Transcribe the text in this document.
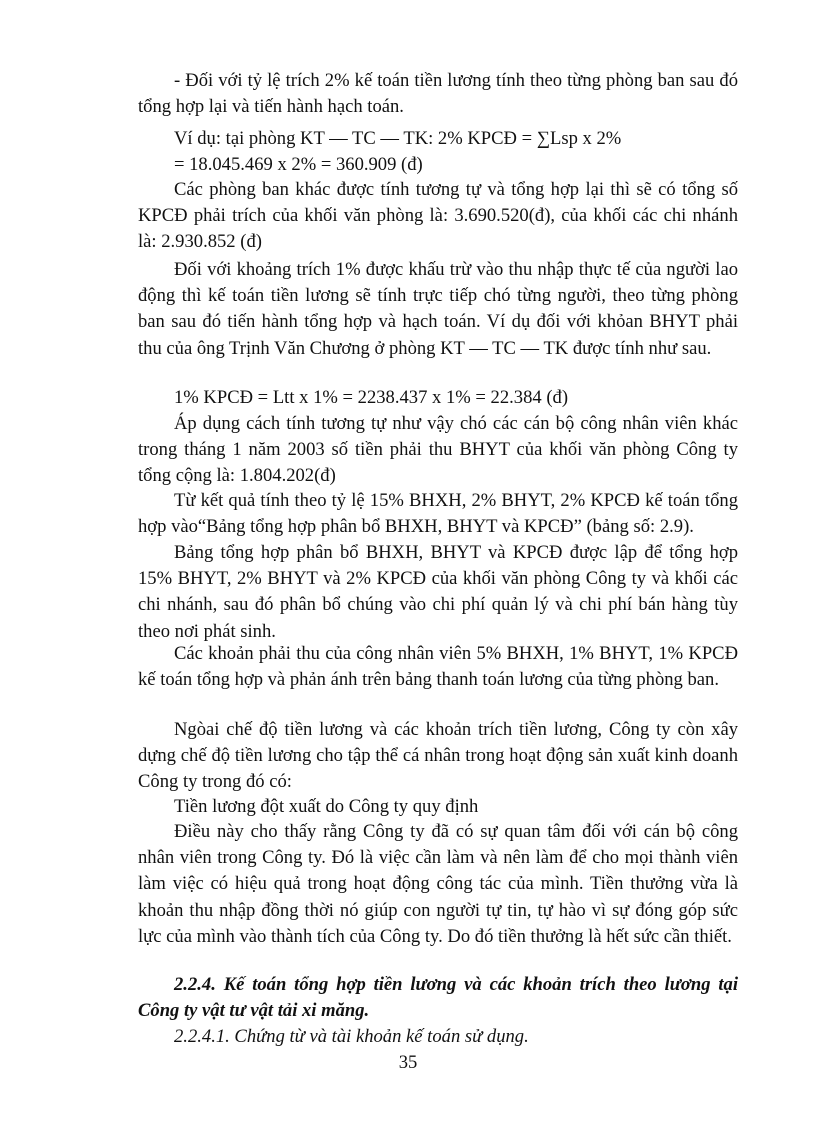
- Đối với tỷ lệ trích 2% kế toán tiền lương tính theo từng phòng ban sau đó tổng hợp lại và tiến hành hạch toán.

Ví dụ: tại phòng KT — TC — TK: 2% KPCĐ = ∑Lsp x 2%

= 18.045.469 x 2% = 360.909 (đ)

Các phòng ban khác được tính tương tự và tổng hợp lại thì sẽ có tổng số KPCĐ phải trích của khối văn phòng là: 3.690.520(đ), của khối các chi nhánh là: 2.930.852 (đ)

Đối với khoảng trích 1% được khấu trừ vào thu nhập thực tế của người lao động thì kế toán tiền lương sẽ tính trực tiếp chó từng người, theo từng phòng ban sau đó tiến hành tổng hợp và hạch toán. Ví dụ đối với khỏan BHYT phải thu của ông Trịnh Văn Chương ở phòng KT — TC — TK được tính như sau.

1% KPCĐ = Ltt x 1% = 2238.437 x 1% = 22.384 (đ)

Áp dụng cách tính tương tự như vậy chó các cán bộ công nhân viên khác trong tháng 1 năm 2003 số tiền phải thu BHYT của khối văn phòng Công ty tổng cộng là: 1.804.202(đ)

Từ kết quả tính theo tỷ lệ 15% BHXH, 2% BHYT, 2% KPCĐ kế toán tổng hợp vào“Bảng tổng hợp phân bổ BHXH, BHYT và KPCĐ” (bảng số: 2.9).

Bảng tổng hợp phân bổ BHXH, BHYT và KPCĐ được lập để tổng hợp 15% BHYT, 2% BHYT và 2% KPCĐ của khối văn phòng Công ty và khối các chi nhánh, sau đó phân bổ chúng vào chi phí quản lý và chi phí bán hàng tùy theo nơi phát sinh.

Các khoản phải thu của công nhân viên 5% BHXH, 1% BHYT, 1% KPCĐ kế toán tổng hợp và phản ánh trên bảng thanh toán lương của từng phòng ban.

Ngòai chế độ tiền lương và các khoản trích tiền lương, Công ty còn xây dựng chế độ tiền lương cho tập thể cá nhân trong hoạt động sản xuất kinh doanh Công ty trong đó có:

Tiền lương đột xuất do Công ty quy định

Điều này cho thấy rằng Công ty đã có sự quan tâm đối với cán bộ công nhân viên trong Công ty. Đó là việc cần làm và nên làm để cho mọi thành viên làm việc có hiệu quả trong hoạt động công tác của mình. Tiền thưởng vừa là khoản thu nhập đồng thời nó giúp con người tự tin, tự hào vì sự đóng góp sức lực của mình vào thành tích của Công ty. Do đó tiền thưởng là hết sức cần thiết.

2.2.4. Kế toán tổng hợp tiền lương và các khoản trích theo lương tại Công ty vật tư vật tải xi măng.

2.2.4.1. Chứng từ và tài khoản kế toán sử dụng.

35
